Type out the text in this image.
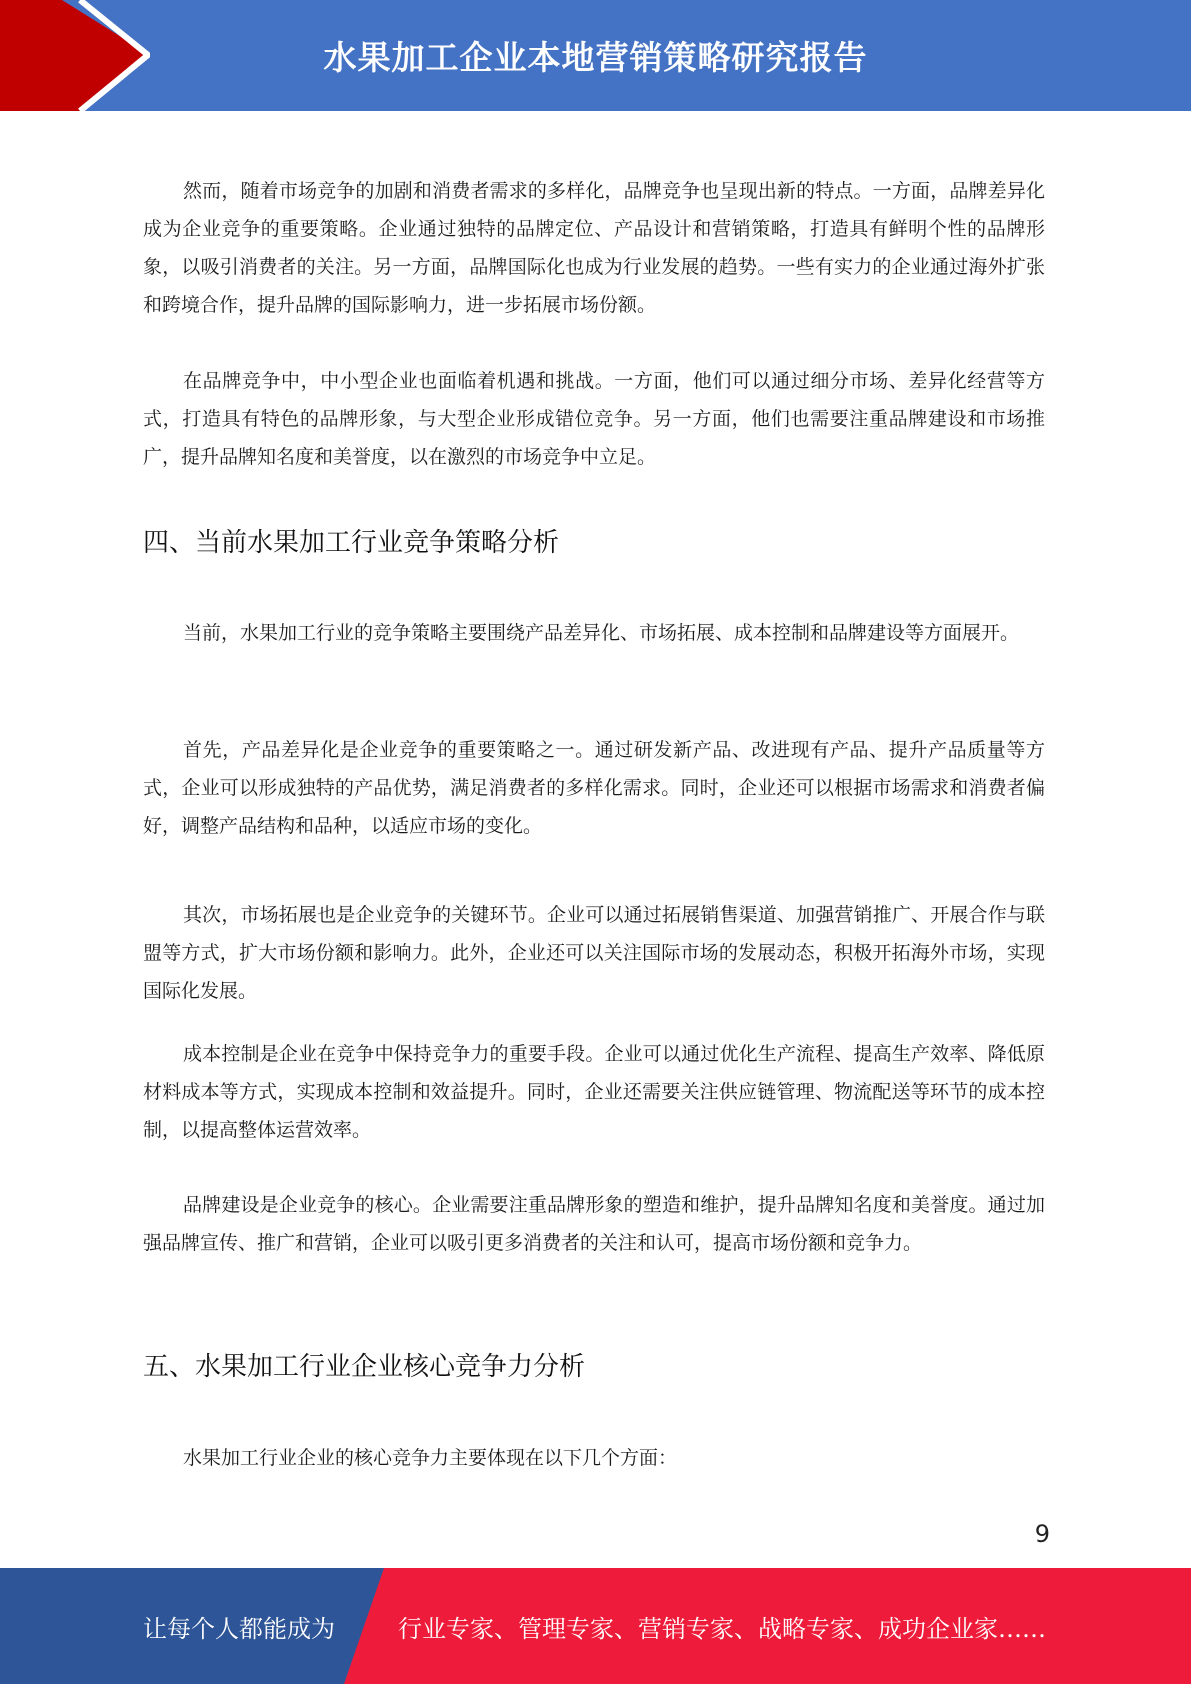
水果加工企业本地营销策略研究报告

然而，随着市场竞争的加剧和消费者需求的多样化，品牌竞争也呈现出新的特点。一方面，品牌差异化成为企业竞争的重要策略。企业通过独特的品牌定位、产品设计和营销策略，打造具有鲜明个性的品牌形象，以吸引消费者的关注。另一方面，品牌国际化也成为行业发展的趋势。一些有实力的企业通过海外扩张和跨境合作，提升品牌的国际影响力，进一步拓展市场份额。

在品牌竞争中，中小型企业也面临着机遇和挑战。一方面，他们可以通过细分市场、差异化经营等方式，打造具有特色的品牌形象，与大型企业形成错位竞争。另一方面，他们也需要注重品牌建设和市场推广，提升品牌知名度和美誉度，以在激烈的市场竞争中立足。

四、当前水果加工行业竞争策略分析

当前，水果加工行业的竞争策略主要围绕产品差异化、市场拓展、成本控制和品牌建设等方面展开。

首先，产品差异化是企业竞争的重要策略之一。通过研发新产品、改进现有产品、提升产品质量等方式，企业可以形成独特的产品优势，满足消费者的多样化需求。同时，企业还可以根据市场需求和消费者偏好，调整产品结构和品种，以适应市场的变化。

其次，市场拓展也是企业竞争的关键环节。企业可以通过拓展销售渠道、加强营销推广、开展合作与联盟等方式，扩大市场份额和影响力。此外，企业还可以关注国际市场的发展动态，积极开拓海外市场，实现国际化发展。

成本控制是企业在竞争中保持竞争力的重要手段。企业可以通过优化生产流程、提高生产效率、降低原材料成本等方式，实现成本控制和效益提升。同时，企业还需要关注供应链管理、物流配送等环节的成本控制，以提高整体运营效率。

品牌建设是企业竞争的核心。企业需要注重品牌形象的塑造和维护，提升品牌知名度和美誉度。通过加强品牌宣传、推广和营销，企业可以吸引更多消费者的关注和认可，提高市场份额和竞争力。

五、水果加工行业企业核心竞争力分析

水果加工行业企业的核心竞争力主要体现在以下几个方面：

9
让每个人都能成为	行业专家、管理专家、营销专家、战略专家、成功企业家……
